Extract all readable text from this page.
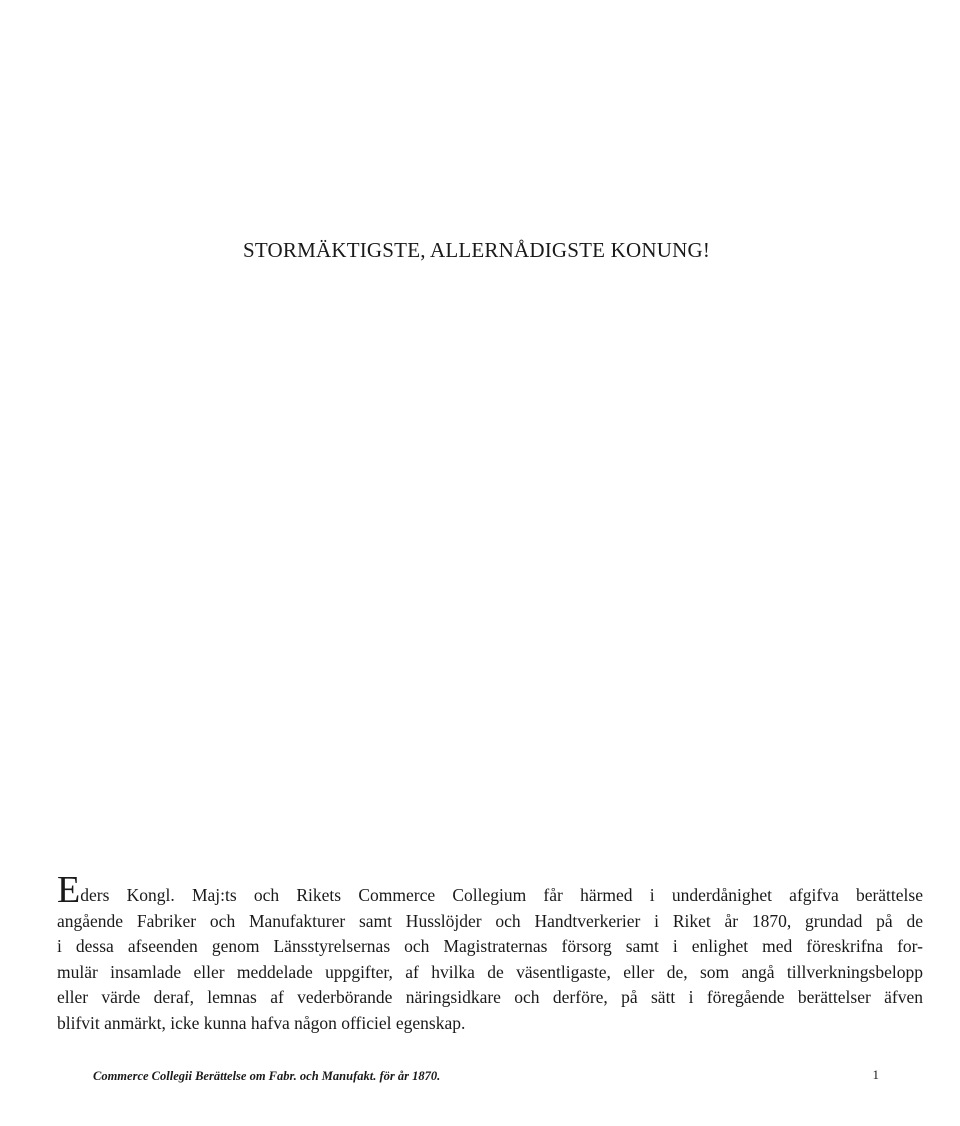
STORMÄKTIGSTE, ALLERNÅDIGSTE KONUNG!
Eders Kongl. Maj:ts och Rikets Commerce Collegium får härmed i underdånighet afgifva berättelse
angående Fabriker och Manufakturer samt Husslöjder och Handtverkerier i Riket år 1870, grundad på de
i dessa afseenden genom Länsstyrelsernas och Magistraternas försorg samt i enlighet med föreskrifna for-
mulär insamlade eller meddelade uppgifter, af hvilka de väsentligaste, eller de, som angå tillverkningsbelopp
eller värde deraf, lemnas af vederbörande näringsidkare och derföre, på sätt i föregående berättelser äfven
blifvit anmärkt, icke kunna hafva någon officiel egenskap.
Commerce Collegii Berättelse om Fabr. och Manufakt. för år 1870.	1
